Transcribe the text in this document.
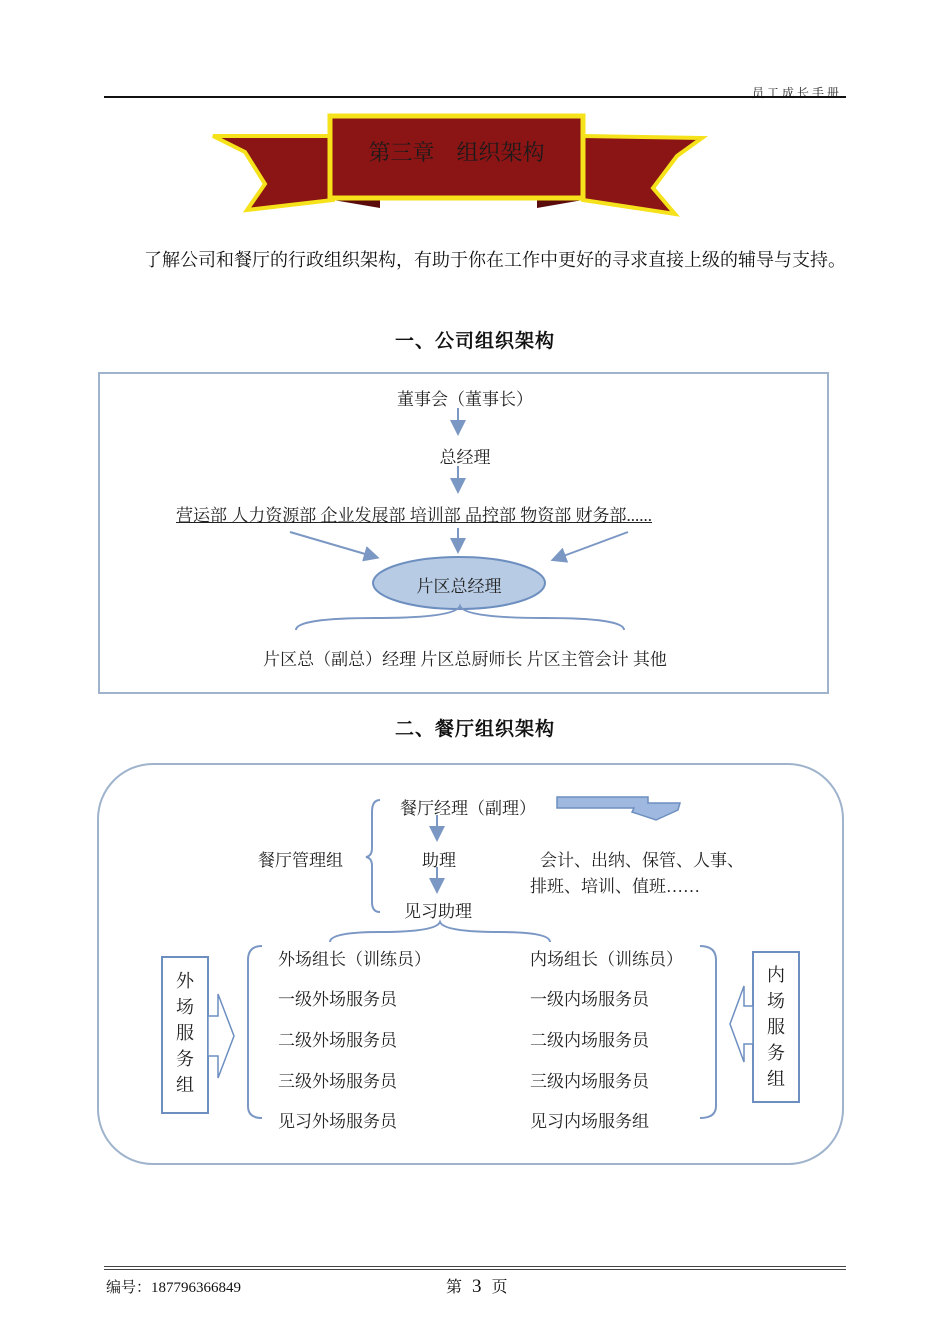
员工成长手册
第三章　组织架构
了解公司和餐厅的行政组织架构，有助于你在工作中更好的寻求直接上级的辅导与支持。
一、公司组织架构
董事会（董事长）
总经理
营运部 人力资源部 企业发展部 培训部 品控部 物资部 财务部......
片区总经理
片区总（副总）经理 片区总厨师长 片区主管会计 其他
二、餐厅组织架构
餐厅经理（副理）
餐厅管理组	助理	会计、出纳、保管、人事、
排班、培训、值班……
见习助理
外场组长（训练员）
一级外场服务员
二级外场服务员
三级外场服务员
见习外场服务员
内场组长（训练员）
一级内场服务员
二级内场服务员
三级内场服务员
见习内场服务组
外
场
服
务
组
内
场
服
务
组
编号：187796366849	第 3 页
